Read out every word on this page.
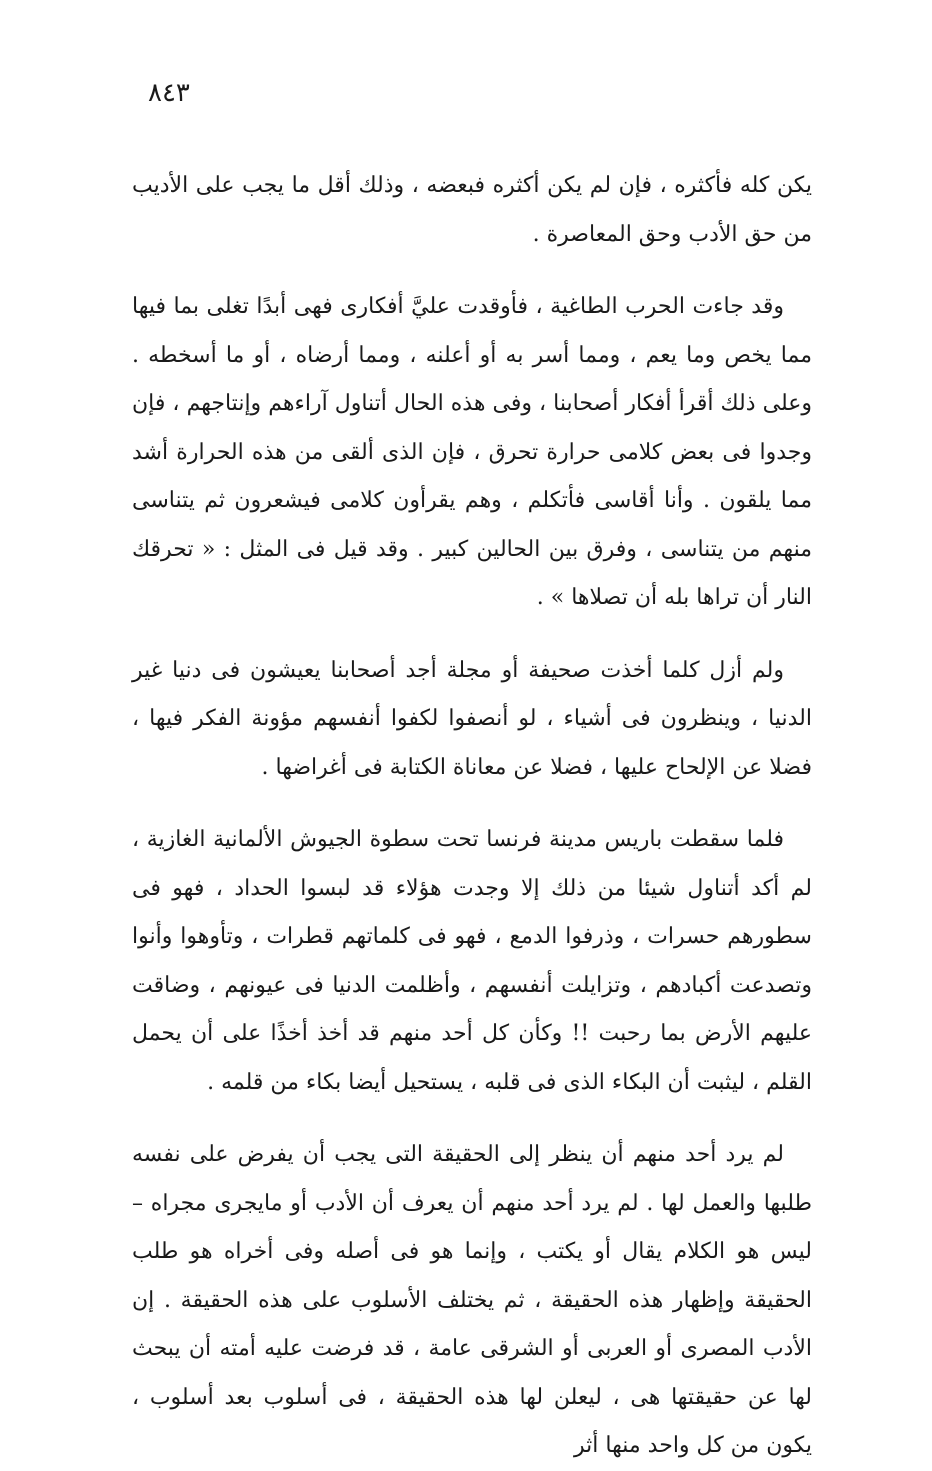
٨٤٣

يكن كله فأكثره ، فإن لم يكن أكثره فبعضه ، وذلك أقل ما يجب على الأديب من حق الأدب وحق المعاصرة .

وقد جاءت الحرب الطاغية ، فأوقدت عليَّ أفكارى فهى أبدًا تغلى بما فيها مما يخص وما يعم ، ومما أسر به أو أعلنه ، ومما أرضاه ، أو ما أسخطه . وعلى ذلك أقرأ أفكار أصحابنا ، وفى هذه الحال أتناول آراءهم وإنتاجهم ، فإن وجدوا فى بعض كلامى حرارة تحرق ، فإن الذى ألقى من هذه الحرارة أشد مما يلقون . وأنا أقاسى فأتكلم ، وهم يقرأون كلامى فيشعرون ثم يتناسى منهم من يتناسى ، وفرق بين الحالين كبير . وقد قيل فى المثل : « تحرقك النار أن تراها بله أن تصلاها » .

ولم أزل كلما أخذت صحيفة أو مجلة أجد أصحابنا يعيشون فى دنيا غير الدنيا ، وينظرون فى أشياء ، لو أنصفوا لكفوا أنفسهم مؤونة الفكر فيها ، فضلا عن الإلحاح عليها ، فضلا عن معاناة الكتابة فى أغراضها .

فلما سقطت باريس مدينة فرنسا تحت سطوة الجيوش الألمانية الغازية ، لم أكد أتناول شيئا من ذلك إلا وجدت هؤلاء قد لبسوا الحداد ، فهو فى سطورهم حسرات ، وذرفوا الدمع ، فهو فى كلماتهم قطرات ، وتأوهوا وأنوا وتصدعت أكبادهم ، وتزايلت أنفسهم ، وأظلمت الدنيا فى عيونهم ، وضاقت عليهم الأرض بما رحبت !! وكأن كل أحد منهم قد أخذ أخذًا على أن يحمل القلم ، ليثبت أن البكاء الذى فى قلبه ، يستحيل أيضا بكاء من قلمه .

لم يرد أحد منهم أن ينظر إلى الحقيقة التى يجب أن يفرض على نفسه طلبها والعمل لها . لم يرد أحد منهم أن يعرف أن الأدب أو مايجرى مجراه – ليس هو الكلام يقال أو يكتب ، وإنما هو فى أصله وفى أخراه هو طلب الحقيقة وإظهار هذه الحقيقة ، ثم يختلف الأسلوب على هذه الحقيقة . إن الأدب المصرى أو العربى أو الشرقى عامة ، قد فرضت عليه أمته أن يبحث لها عن حقيقتها هى ، ليعلن لها هذه الحقيقة ، فى أسلوب بعد أسلوب ، يكون من كل واحد منها أثر
